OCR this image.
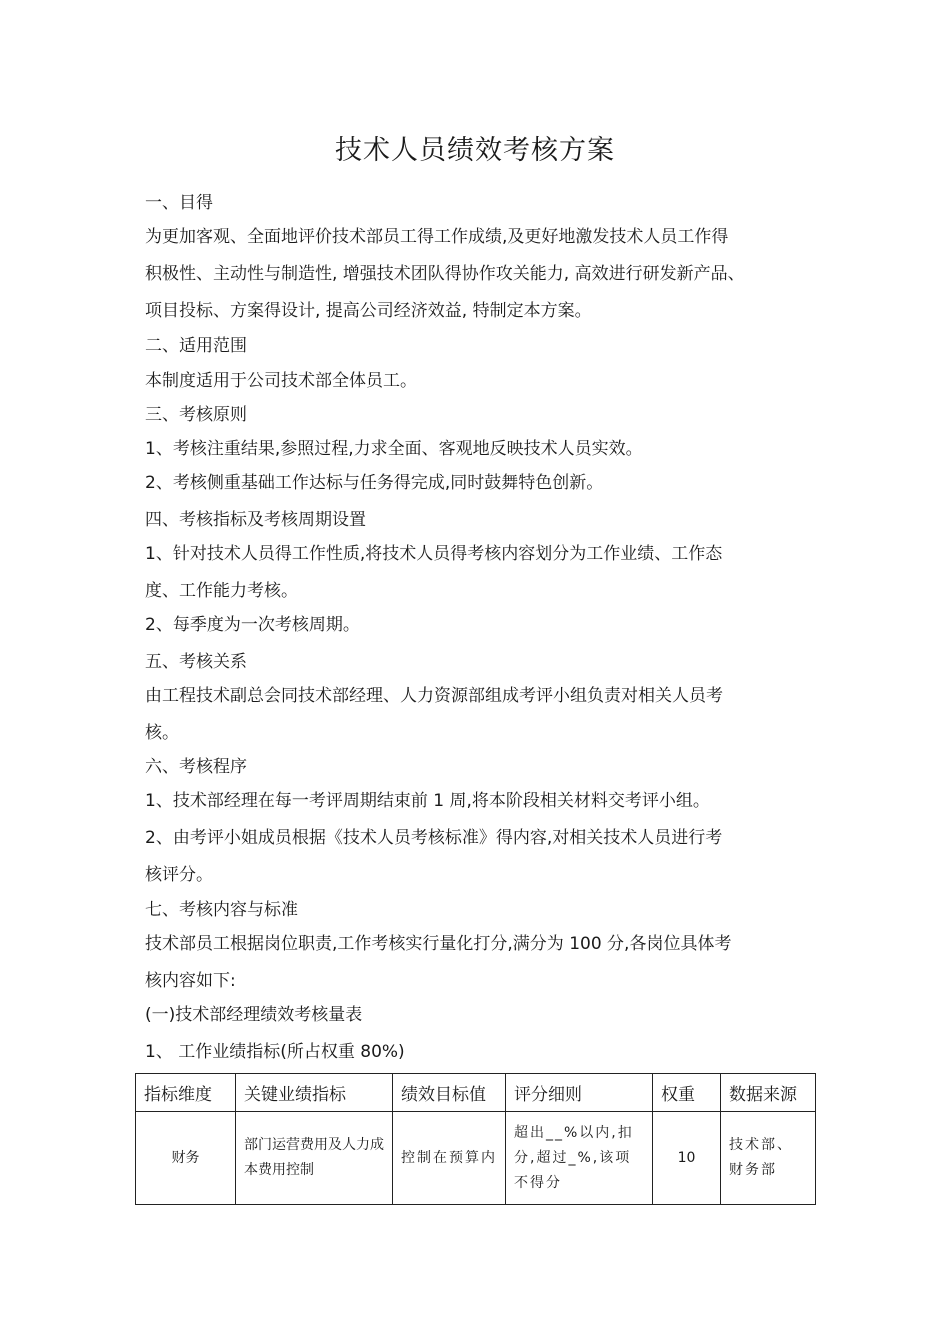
技术人员绩效考核方案
一、目得
为更加客观、全面地评价技术部员工得工作成绩,及更好地激发技术人员工作得
积极性、主动性与制造性, 增强技术团队得协作攻关能力, 高效进行研发新产品、
项目投标、方案得设计, 提高公司经济效益, 特制定本方案。
二、适用范围
本制度适用于公司技术部全体员工。
三、考核原则
1、考核注重结果,参照过程,力求全面、客观地反映技术人员实效。
2、考核侧重基础工作达标与任务得完成,同时鼓舞特色创新。
四、考核指标及考核周期设置
1、针对技术人员得工作性质,将技术人员得考核内容划分为工作业绩、工作态
度、工作能力考核。
2、每季度为一次考核周期。
五、考核关系
由工程技术副总会同技术部经理、人力资源部组成考评小组负责对相关人员考
核。
六、考核程序
1、技术部经理在每一考评周期结束前 1 周,将本阶段相关材料交考评小组。
2、由考评小姐成员根据《技术人员考核标准》得内容,对相关技术人员进行考
核评分。
七、考核内容与标准
技术部员工根据岗位职责,工作考核实行量化打分,满分为 100 分,各岗位具体考
核内容如下:
(一)技术部经理绩效考核量表
1、 工作业绩指标(所占权重 80%)
指标维度	关键业绩指标	绩效目标值	评分细则	权重	数据来源
财务	部门运营费用及人力成本费用控制	控制在预算内	超出__%以内,扣分,超过_%,该项不得分	10	技术部、财务部
